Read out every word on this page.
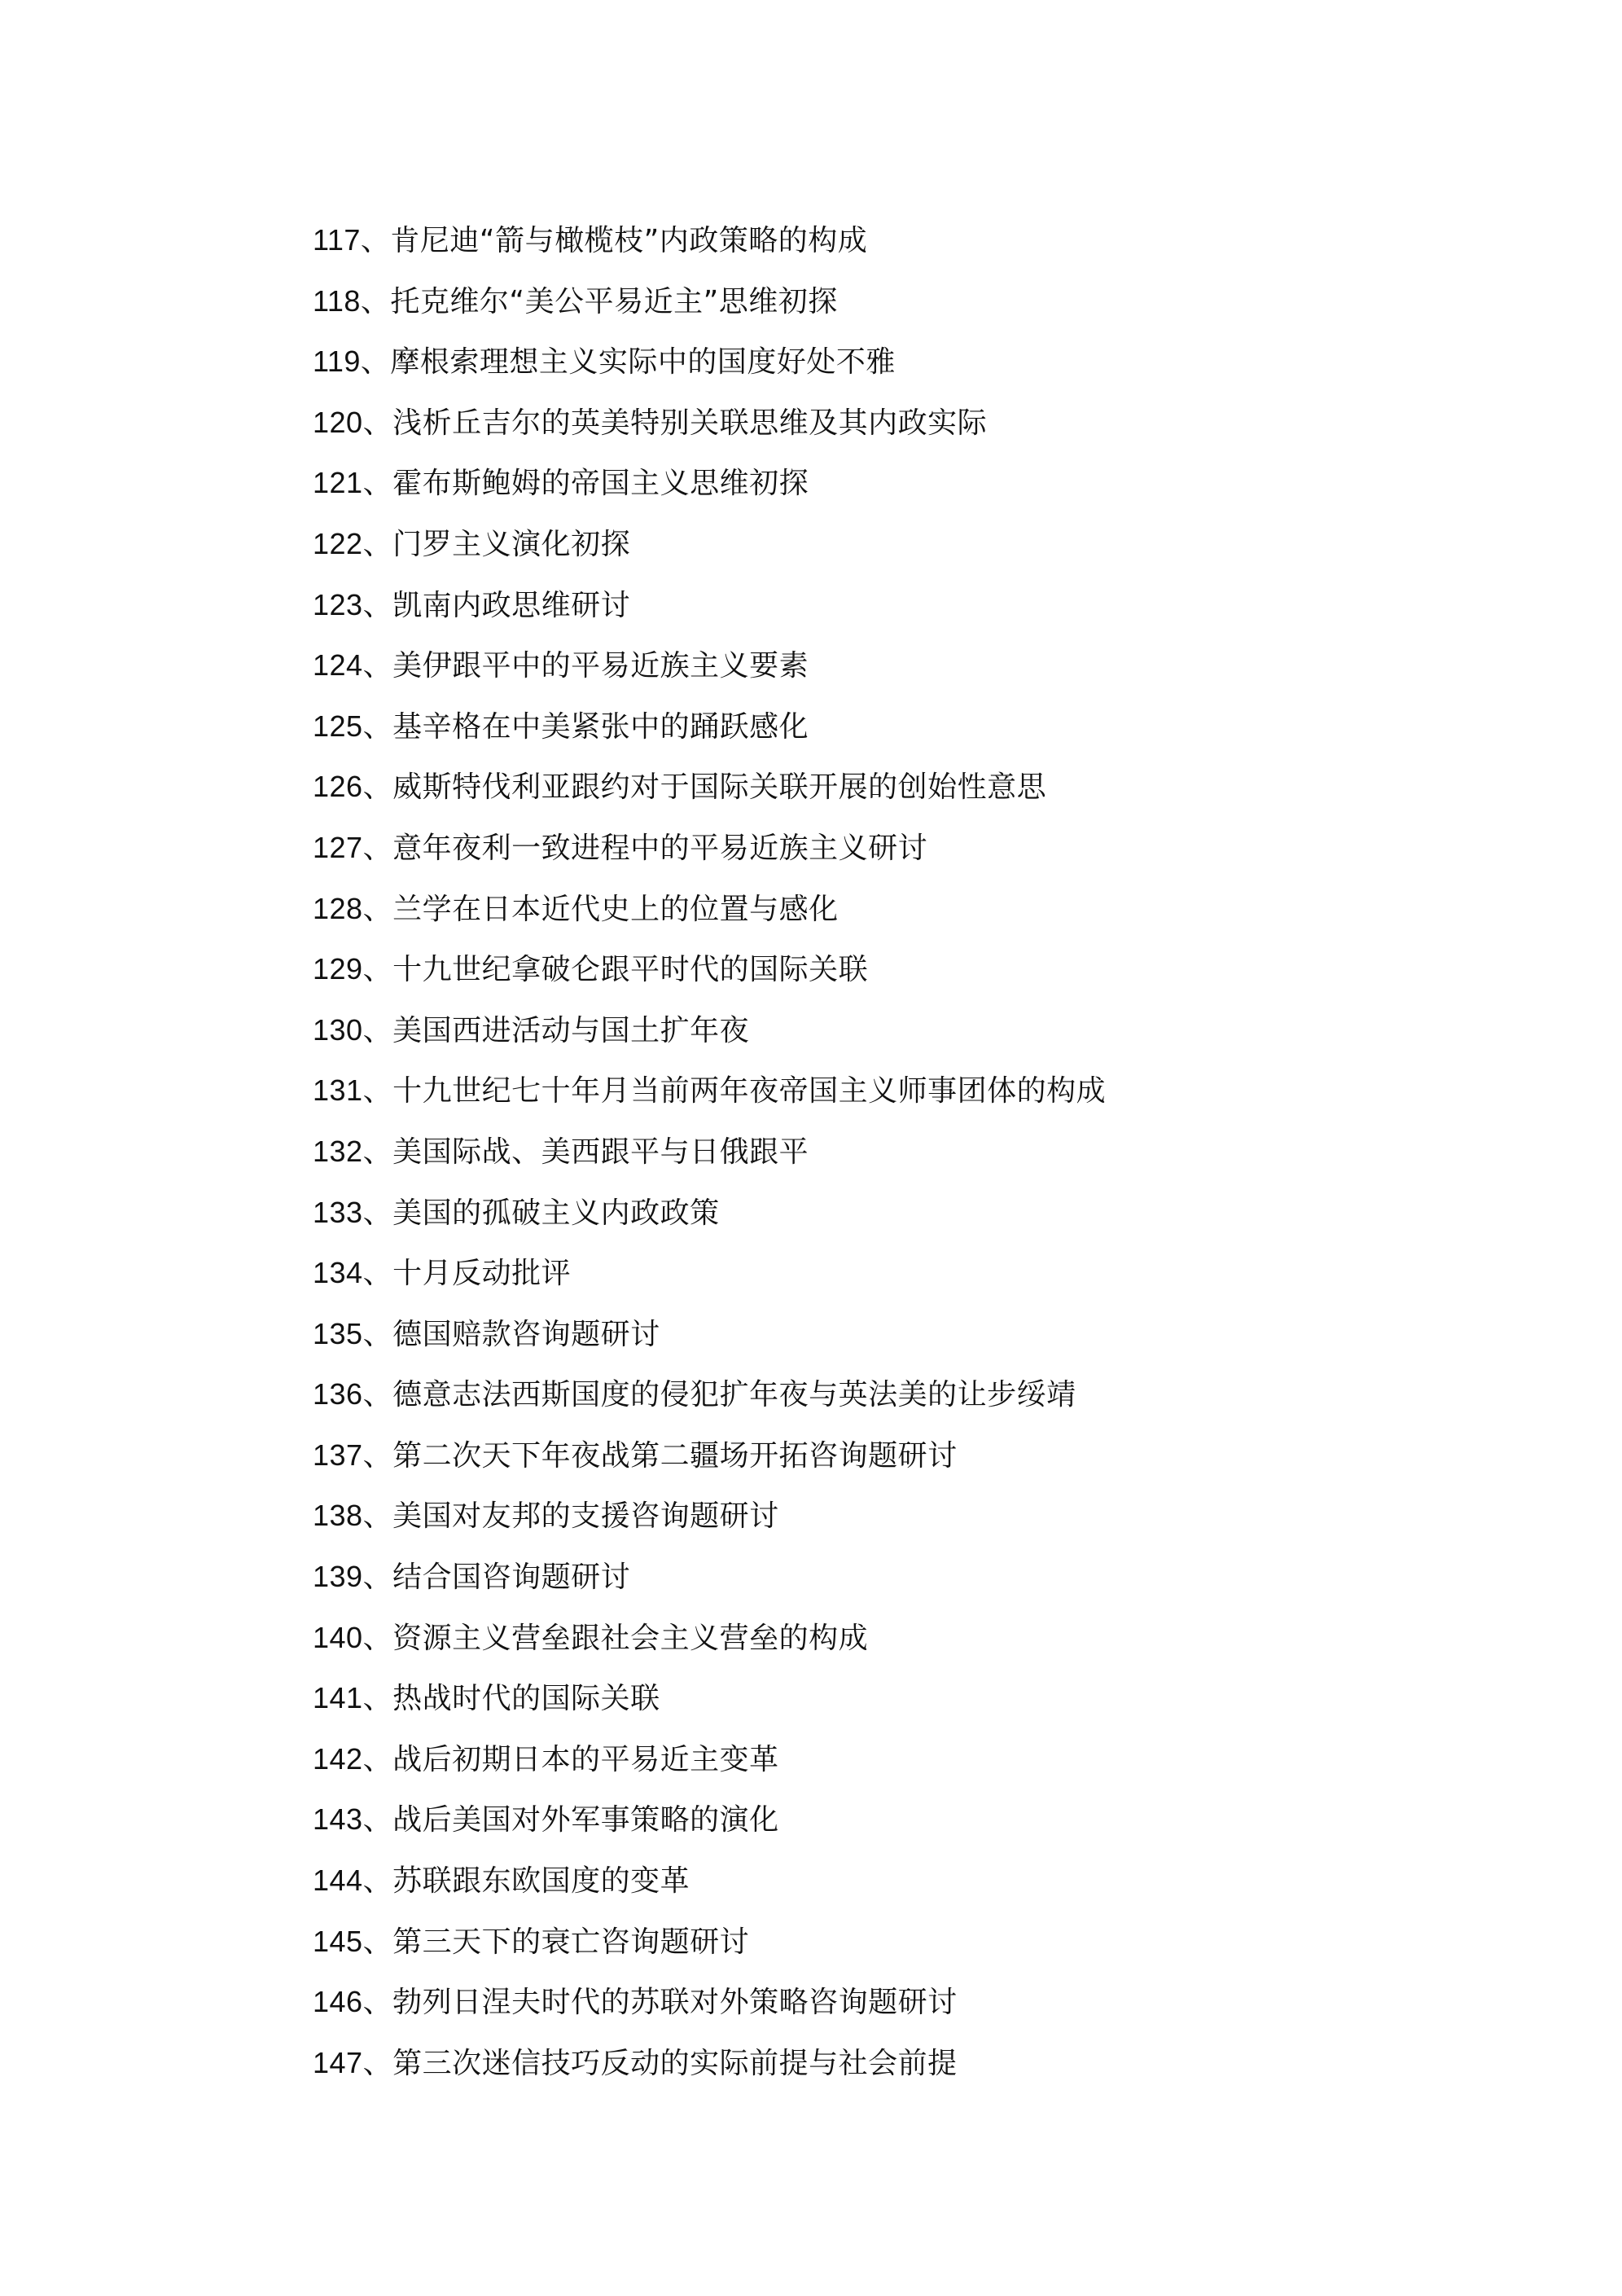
117、肯尼迪“箭与橄榄枝”内政策略的构成
118、托克维尔“美公平易近主”思维初探
119、摩根索理想主义实际中的国度好处不雅
120、浅析丘吉尔的英美特别关联思维及其内政实际
121、霍布斯鲍姆的帝国主义思维初探
122、门罗主义演化初探
123、凯南内政思维研讨
124、美伊跟平中的平易近族主义要素
125、基辛格在中美紧张中的踊跃感化
126、威斯特伐利亚跟约对于国际关联开展的创始性意思
127、意年夜利一致进程中的平易近族主义研讨
128、兰学在日本近代史上的位置与感化
129、十九世纪拿破仑跟平时代的国际关联
130、美国西进活动与国土扩年夜
131、十九世纪七十年月当前两年夜帝国主义师事团体的构成
132、美国际战、美西跟平与日俄跟平
133、美国的孤破主义内政政策
134、十月反动批评
135、德国赔款咨询题研讨
136、德意志法西斯国度的侵犯扩年夜与英法美的让步绥靖
137、第二次天下年夜战第二疆场开拓咨询题研讨
138、美国对友邦的支援咨询题研讨
139、结合国咨询题研讨
140、资源主义营垒跟社会主义营垒的构成
141、热战时代的国际关联
142、战后初期日本的平易近主变革
143、战后美国对外军事策略的演化
144、苏联跟东欧国度的变革
145、第三天下的衰亡咨询题研讨
146、勃列日涅夫时代的苏联对外策略咨询题研讨
147、第三次迷信技巧反动的实际前提与社会前提
